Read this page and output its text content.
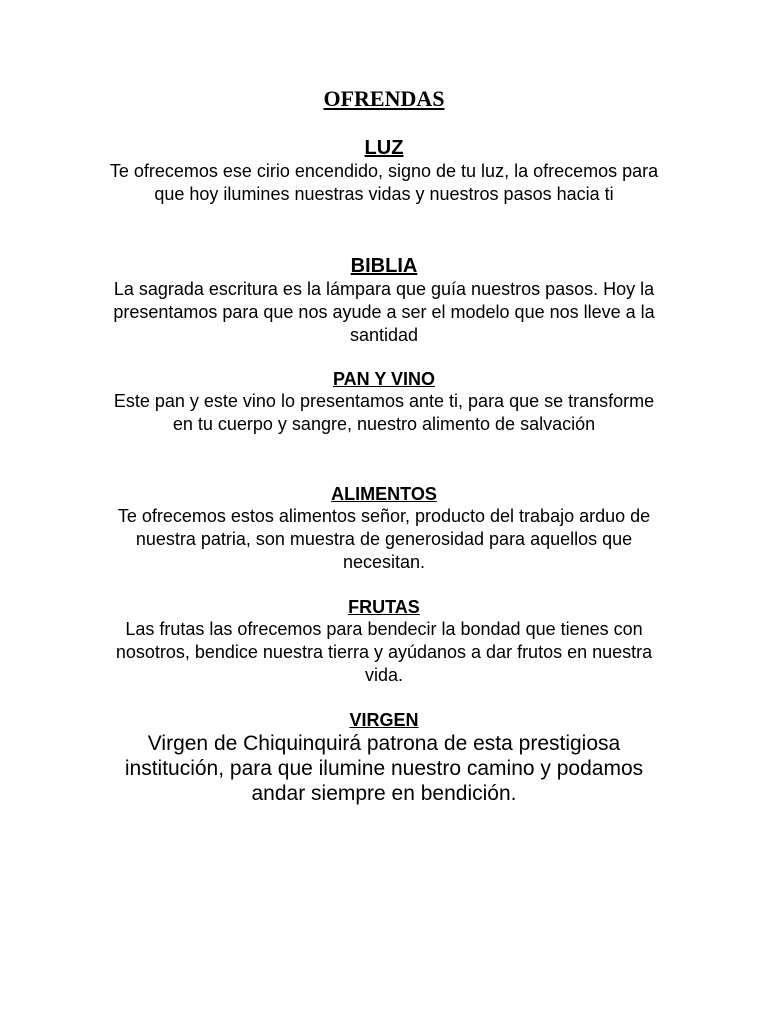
OFRENDAS

LUZ

Te ofrecemos ese cirio encendido, signo de tu luz, la ofrecemos para que hoy ilumines nuestras vidas y nuestros pasos hacia ti

BIBLIA

La sagrada escritura es la lámpara que guía nuestros pasos. Hoy la presentamos para que nos ayude a ser el modelo que nos lleve a la santidad

PAN Y VINO

Este pan y este vino lo presentamos ante ti, para que se transforme en tu cuerpo y sangre, nuestro alimento de salvación

ALIMENTOS

Te ofrecemos estos alimentos señor, producto del trabajo arduo de nuestra patria, son muestra de generosidad para aquellos que necesitan.

FRUTAS

Las frutas las ofrecemos para bendecir la bondad que tienes con nosotros, bendice nuestra tierra y ayúdanos a dar frutos en nuestra vida.

VIRGEN

Virgen de Chiquinquirá patrona de esta prestigiosa institución, para que ilumine nuestro camino y podamos andar siempre en bendición.
